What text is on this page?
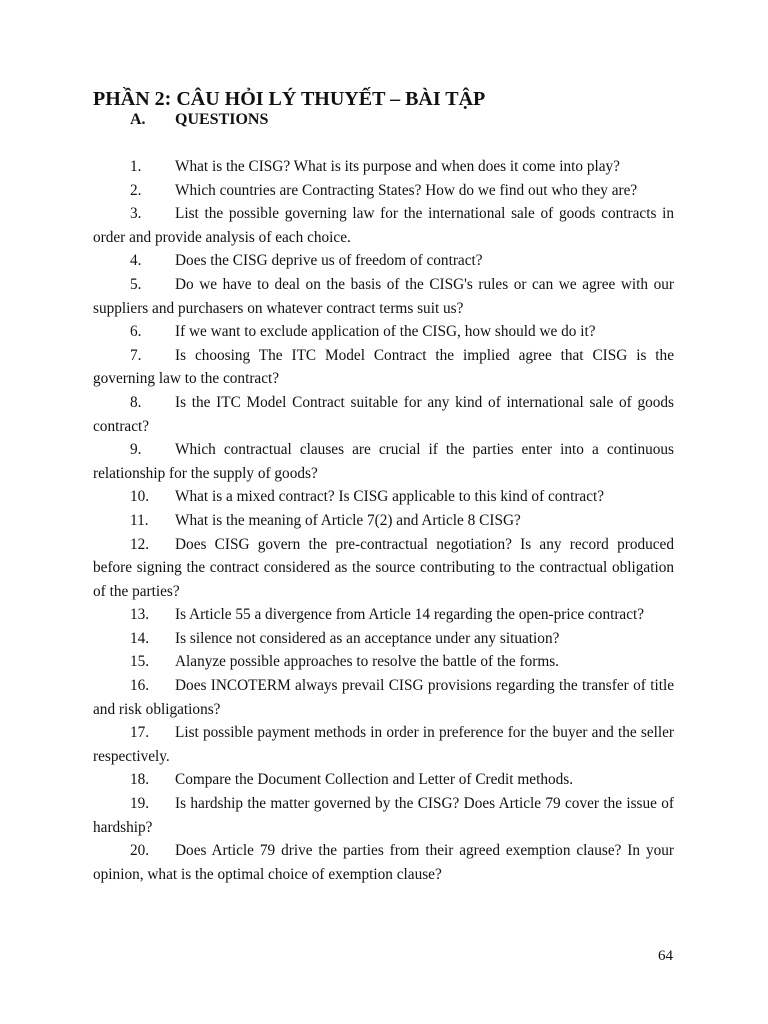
PHẦN 2: CÂU HỎI LÝ THUYẾT – BÀI TẬP
A. QUESTIONS
1. What is the CISG? What is its purpose and when does it come into play?
2. Which countries are Contracting States? How do we find out who they are?
3. List the possible governing law for the international sale of goods contracts in order and provide analysis of each choice.
4. Does the CISG deprive us of freedom of contract?
5. Do we have to deal on the basis of the CISG's rules or can we agree with our suppliers and purchasers on whatever contract terms suit us?
6. If we want to exclude application of the CISG, how should we do it?
7. Is choosing The ITC Model Contract the implied agree that CISG is the governing law to the contract?
8. Is the ITC Model Contract suitable for any kind of international sale of goods contract?
9. Which contractual clauses are crucial if the parties enter into a continuous relationship for the supply of goods?
10. What is a mixed contract? Is CISG applicable to this kind of contract?
11. What is the meaning of Article 7(2) and Article 8 CISG?
12. Does CISG govern the pre-contractual negotiation? Is any record produced before signing the contract considered as the source contributing to the contractual obligation of the parties?
13. Is Article 55 a divergence from Article 14 regarding the open-price contract?
14. Is silence not considered as an acceptance under any situation?
15. Alanyze possible approaches to resolve the battle of the forms.
16. Does INCOTERM always prevail CISG provisions regarding the transfer of title and risk obligations?
17. List possible payment methods in order in preference for the buyer and the seller respectively.
18. Compare the Document Collection and Letter of Credit methods.
19. Is hardship the matter governed by the CISG? Does Article 79 cover the issue of hardship?
20. Does Article 79 drive the parties from their agreed exemption clause? In your opinion, what is the optimal choice of exemption clause?
64
